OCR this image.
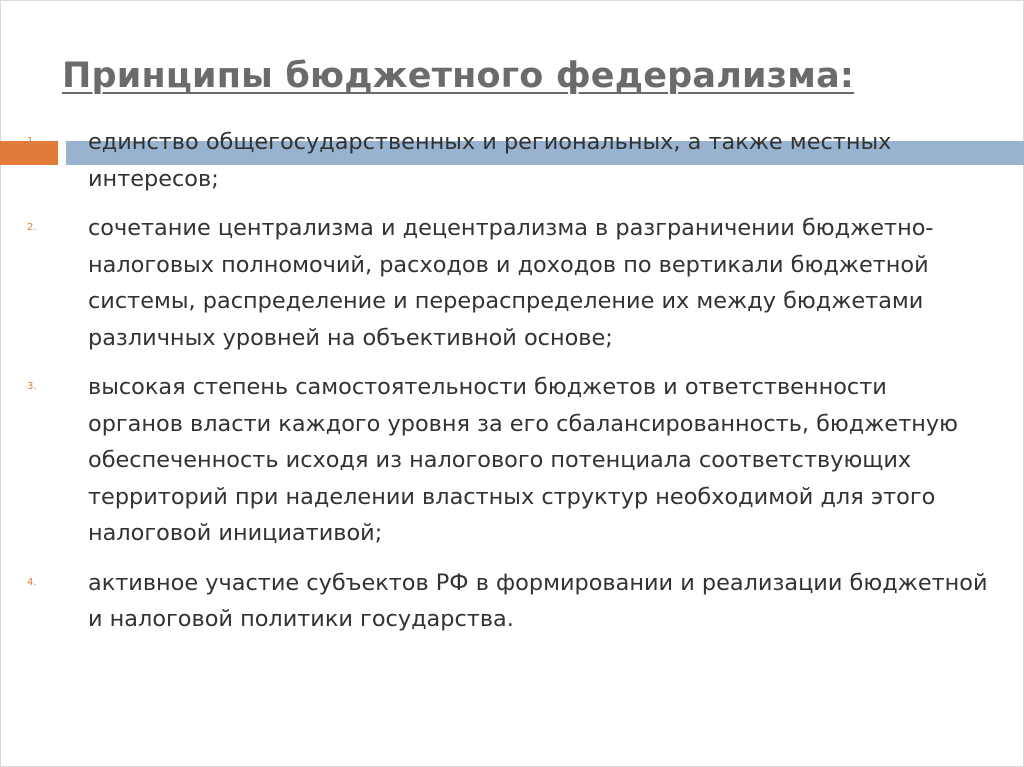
Принципы бюджетного федерализма:
1. единство общегосударственных и региональных, а также местных интересов;
2. сочетание централизма и децентрализма в разграничении бюджетно-налоговых полномочий, расходов и доходов по вертикали бюджетной системы, распределение и перераспределение их между бюджетами различных уровней на объективной основе;
3. высокая степень самостоятельности бюджетов и ответственности органов власти каждого уровня за его сбалансированность, бюджетную обеспеченность исходя из налогового потенциала соответствующих территорий при наделении властных структур необходимой для этого налоговой инициативой;
4. активное участие субъектов РФ в формировании и реализации бюджетной и налоговой политики государства.
